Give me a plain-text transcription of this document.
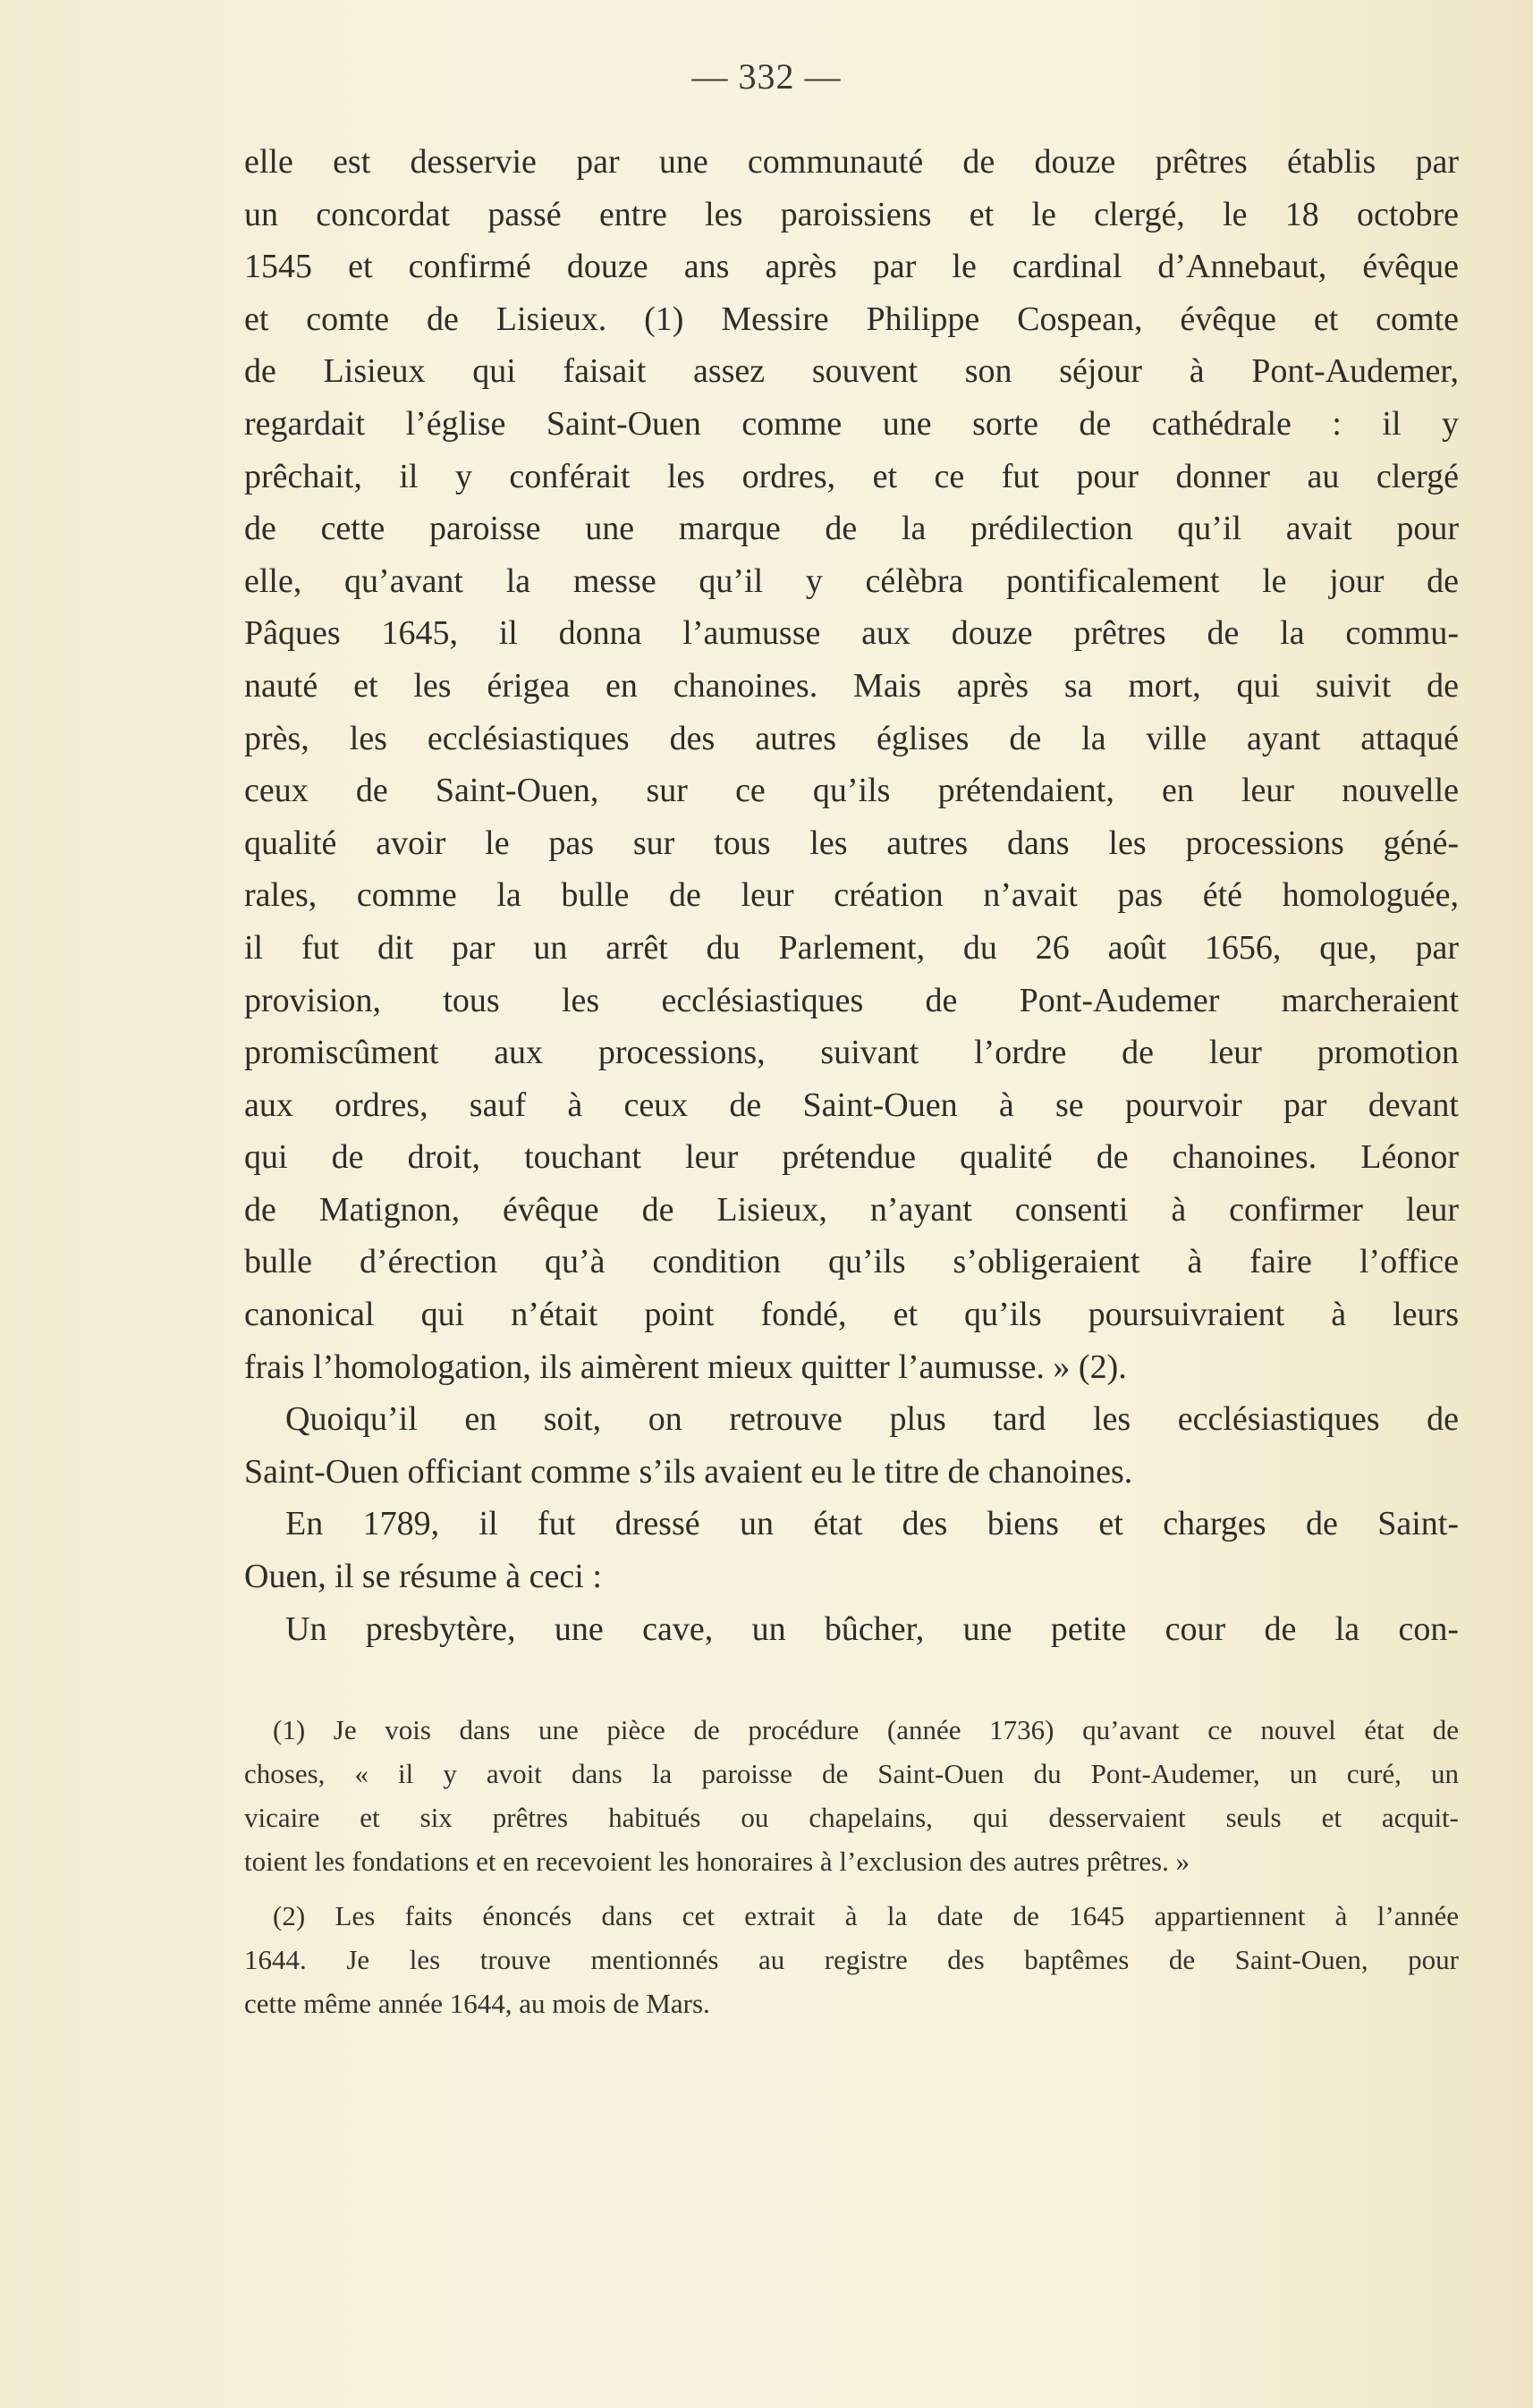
— 332 —
elle est desservie par une communauté de douze prêtres établis par
un concordat passé entre les paroissiens et le clergé, le 18 octobre
1545 et confirmé douze ans après par le cardinal d’Annebaut, évêque
et comte de Lisieux. (1) Messire Philippe Cospean, évêque et comte
de Lisieux qui faisait assez souvent son séjour à Pont-Audemer,
regardait l’église Saint-Ouen comme une sorte de cathédrale : il y
prêchait, il y conférait les ordres, et ce fut pour donner au clergé
de cette paroisse une marque de la prédilection qu’il avait pour
elle, qu’avant la messe qu’il y célèbra pontificalement le jour de
Pâques 1645, il donna l’aumusse aux douze prêtres de la commu-
nauté et les érigea en chanoines. Mais après sa mort, qui suivit de
près, les ecclésiastiques des autres églises de la ville ayant attaqué
ceux de Saint-Ouen, sur ce qu’ils prétendaient, en leur nouvelle
qualité avoir le pas sur tous les autres dans les processions géné-
rales, comme la bulle de leur création n’avait pas été homologuée,
il fut dit par un arrêt du Parlement, du 26 août 1656, que, par
provision, tous les ecclésiastiques de Pont-Audemer marcheraient
promiscûment aux processions, suivant l’ordre de leur promotion
aux ordres, sauf à ceux de Saint-Ouen à se pourvoir par devant
qui de droit, touchant leur prétendue qualité de chanoines. Léonor
de Matignon, évêque de Lisieux, n’ayant consenti à confirmer leur
bulle d’érection qu’à condition qu’ils s’obligeraient à faire l’office
canonical qui n’était point fondé, et qu’ils poursuivraient à leurs
frais l’homologation, ils aimèrent mieux quitter l’aumusse. » (2).
Quoiqu’il en soit, on retrouve plus tard les ecclésiastiques de
Saint-Ouen officiant comme s’ils avaient eu le titre de chanoines.
En 1789, il fut dressé un état des biens et charges de Saint-
Ouen, il se résume à ceci :
Un presbytère, une cave, un bûcher, une petite cour de la con-
(1) Je vois dans une pièce de procédure (année 1736) qu’avant ce nouvel état de
choses, « il y avoit dans la paroisse de Saint-Ouen du Pont-Audemer, un curé, un
vicaire et six prêtres habitués ou chapelains, qui desservaient seuls et acquit-
toient les fondations et en recevoient les honoraires à l’exclusion des autres prêtres. »
(2) Les faits énoncés dans cet extrait à la date de 1645 appartiennent à l’année
1644. Je les trouve mentionnés au registre des baptêmes de Saint-Ouen, pour
cette même année 1644, au mois de Mars.
